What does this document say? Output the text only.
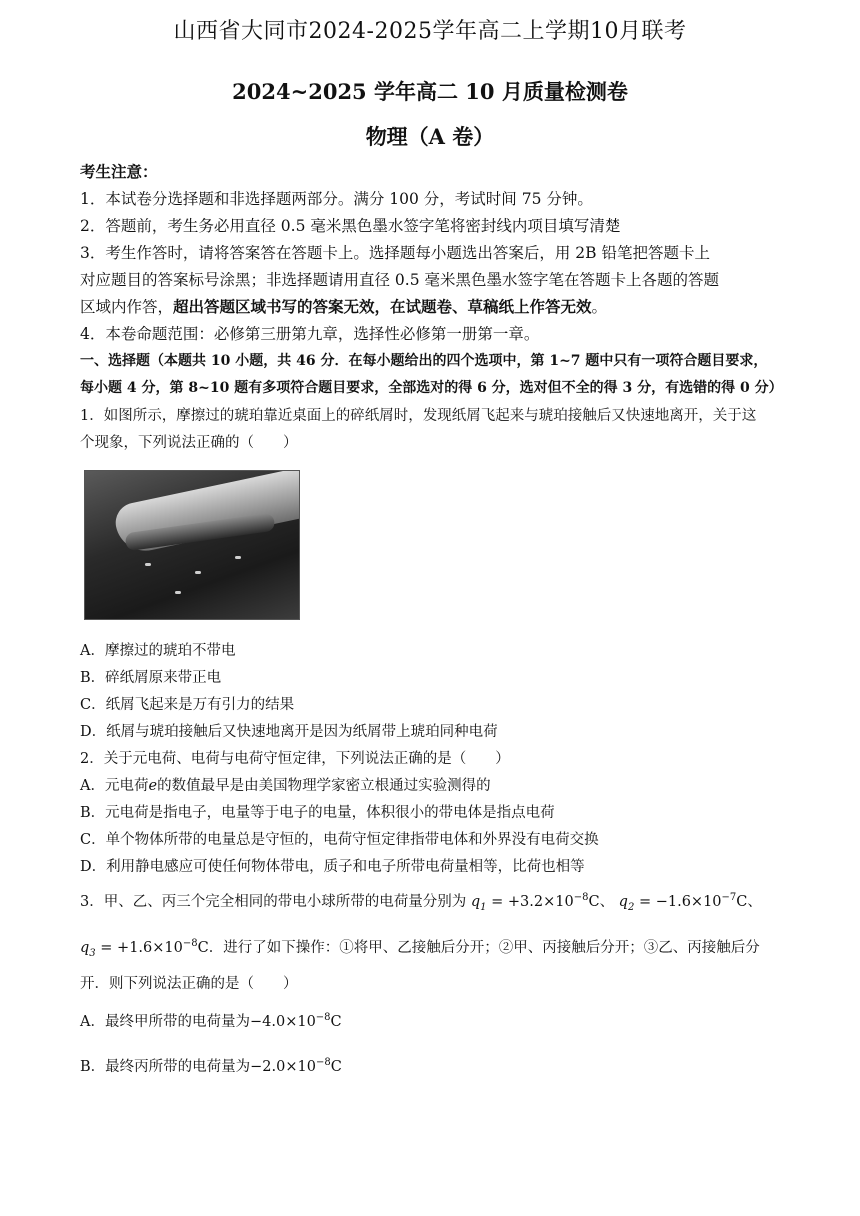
山西省大同市2024-2025学年高二上学期10月联考
2024~2025 学年高二 10 月质量检测卷
物理（A 卷）
考生注意：
1．本试卷分选择题和非选择题两部分。满分 100 分，考试时间 75 分钟。
2．答题前，考生务必用直径 0.5 毫米黑色墨水签字笔将密封线内项目填写清楚
3．考生作答时，请将答案答在答题卡上。选择题每小题选出答案后，用 2B 铅笔把答题卡上
对应题目的答案标号涂黑；非选择题请用直径 0.5 毫米黑色墨水签字笔在答题卡上各题的答题
区域内作答，超出答题区域书写的答案无效，在试题卷、草稿纸上作答无效。
4．本卷命题范围：必修第三册第九章，选择性必修第一册第一章。
一、选择题（本题共 10 小题，共 46 分．在每小题给出的四个选项中，第 1~7 题中只有一项符合题目要求，
每小题 4 分，第 8~10 题有多项符合题目要求，全部选对的得 6 分，选对但不全的得 3 分，有选错的得 0 分）
1．如图所示，摩擦过的琥珀靠近桌面上的碎纸屑时，发现纸屑飞起来与琥珀接触后又快速地离开，关于这
个现象，下列说法正确的（　　）
A．摩擦过的琥珀不带电
B．碎纸屑原来带正电
C．纸屑飞起来是万有引力的结果
D．纸屑与琥珀接触后又快速地离开是因为纸屑带上琥珀同种电荷
2．关于元电荷、电荷与电荷守恒定律，下列说法正确的是（　　）
A．元电荷e的数值最早是由美国物理学家密立根通过实验测得的
B．元电荷是指电子，电量等于电子的电量，体积很小的带电体是指点电荷
C．单个物体所带的电量总是守恒的，电荷守恒定律指带电体和外界没有电荷交换
D．利用静电感应可使任何物体带电，质子和电子所带电荷量相等，比荷也相等
3．甲、乙、丙三个完全相同的带电小球所带的电荷量分别为 $q_1 = +3.2\times 10^{-8}C$、 $q_2 = -1.6\times 10^{-7}C$、
$q_3 = +1.6\times 10^{-8}C$．进行了如下操作：①将甲、乙接触后分开；②甲、丙接触后分开；③乙、丙接触后分
开．则下列说法正确的是（　　）
A．最终甲所带的电荷量为$-4.0\times 10^{-8}C$
B．最终丙所带的电荷量为$-2.0\times 10^{-8}C$
